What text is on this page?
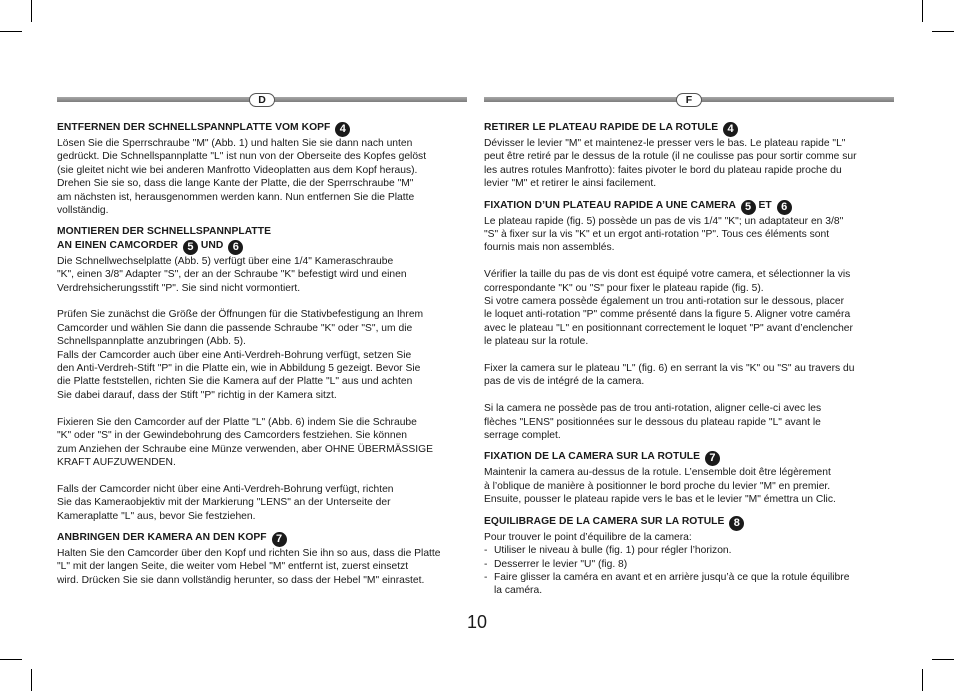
D

ENTFERNEN DER SCHNELLSPANNPLATTE VOM KOPF 4

Lösen Sie die Sperrschraube "M" (Abb. 1) und halten Sie sie dann nach unten
gedrückt. Die Schnellspannplatte "L" ist nun von der Oberseite des Kopfes gelöst
(sie gleitet nicht wie bei anderen Manfrotto Videoplatten aus dem Kopf heraus).
Drehen Sie sie so, dass die lange Kante der Platte, die der Sperrschraube "M"
am nächsten ist, herausgenommen werden kann. Nun entfernen Sie die Platte
vollständig.

MONTIEREN DER SCHNELLSPANNPLATTE
AN EINEN CAMCORDER 5 UND 6

Die Schnellwechselplatte (Abb. 5) verfügt über eine 1/4" Kameraschraube
"K", einen 3/8" Adapter "S", der an der Schraube "K" befestigt wird und einen
Verdrehsicherungsstift "P". Sie sind nicht vormontiert.

Prüfen Sie zunächst die Größe der Öffnungen für die Stativbefestigung an Ihrem
Camcorder und wählen Sie dann die passende Schraube "K" oder "S", um die
Schnellspannplatte anzubringen (Abb. 5).
Falls der Camcorder auch über eine Anti-Verdreh-Bohrung verfügt, setzen Sie
den Anti-Verdreh-Stift "P" in die Platte ein, wie in Abbildung 5 gezeigt. Bevor Sie
die Platte feststellen, richten Sie die Kamera auf der Platte "L" aus und achten
Sie dabei darauf, dass der Stift "P" richtig in der Kamera sitzt.

Fixieren Sie den Camcorder auf der Platte "L" (Abb. 6) indem Sie die Schraube
"K" oder "S" in der Gewindebohrung des Camcorders festziehen. Sie können
zum Anziehen der Schraube eine Münze verwenden, aber OHNE ÜBERMÄSSIGE
KRAFT AUFZUWENDEN.

Falls der Camcorder nicht über eine Anti-Verdreh-Bohrung verfügt, richten
Sie das Kameraobjektiv mit der Markierung "LENS" an der Unterseite der
Kameraplatte "L" aus, bevor Sie festziehen.

ANBRINGEN DER KAMERA AN DEN KOPF 7

Halten Sie den Camcorder über den Kopf und richten Sie ihn so aus, dass die Platte
"L" mit der langen Seite, die weiter vom Hebel "M" entfernt ist, zuerst einsetzt
wird. Drücken Sie sie dann vollständig herunter, so dass der Hebel "M" einrastet.

F

RETIRER LE PLATEAU RAPIDE DE LA ROTULE 4

Dévisser le levier "M" et maintenez-le presser vers le bas. Le plateau rapide "L"
peut être retiré par le dessus de la rotule (il ne coulisse pas pour sortir comme sur
les autres rotules Manfrotto): faites pivoter le bord du plateau rapide proche du
levier "M" et retirer le ainsi facilement.

FIXATION D’UN PLATEAU RAPIDE A UNE CAMERA 5 ET 6

Le plateau rapide (fig. 5) possède un pas de vis 1/4" "K"; un adaptateur en 3/8"
"S" à fixer sur la vis "K" et un ergot anti-rotation "P". Tous ces éléments sont
fournis mais non assemblés.

Vérifier la taille du pas de vis dont est équipé votre camera, et sélectionner la vis
correspondante "K" ou "S" pour fixer le plateau rapide (fig. 5).
Si votre camera possède également un trou anti-rotation sur le dessous, placer
le loquet anti-rotation "P" comme présenté dans la figure 5. Aligner votre caméra
avec le plateau "L" en positionnant correctement le loquet "P" avant d’enclencher
le plateau sur la rotule.

Fixer la camera sur le plateau "L" (fig. 6) en serrant la vis "K" ou "S" au travers du
pas de vis de intégré de la camera.

Si la camera ne possède pas de trou anti-rotation, aligner celle-ci avec les
flèches "LENS" positionnées sur le dessous du plateau rapide "L" avant le
serrage complet.

FIXATION DE LA CAMERA SUR LA ROTULE 7

Maintenir la camera au-dessus de la rotule. L’ensemble doit être légèrement
à l’oblique de manière à positionner le bord proche du levier "M" en premier.
Ensuite, pousser le plateau rapide vers le bas et le levier "M" émettra un Clic.

EQUILIBRAGE DE LA CAMERA SUR LA ROTULE 8

Pour trouver le point d’équilibre de la camera:

- Utiliser le niveau à bulle (fig. 1) pour régler l’horizon.
- Desserrer le levier "U" (fig. 8)
- Faire glisser la caméra en avant et en arrière jusqu’à ce que la rotule équilibre
la caméra.
10
